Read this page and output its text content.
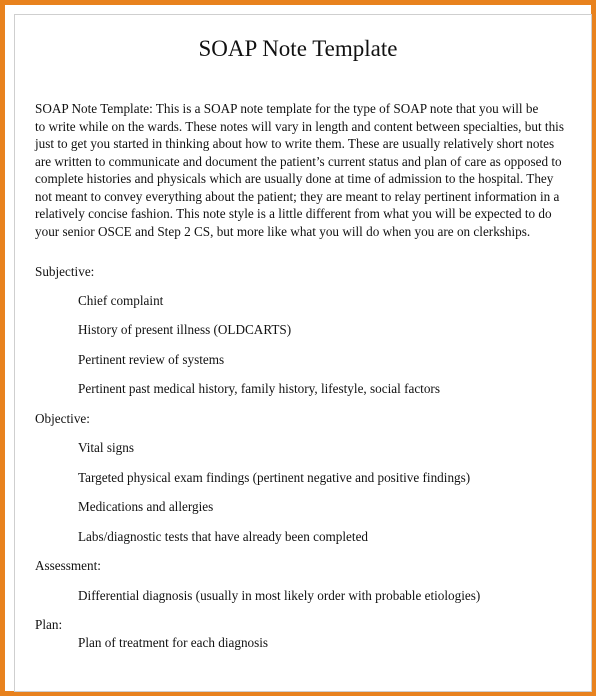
SOAP Note Template
SOAP Note Template: This is a SOAP note template for the type of SOAP note that you will be
to write while on the wards. These notes will vary in length and content between specialties, but this
just to get you started in thinking about how to write them. These are usually relatively short notes
are written to communicate and document the patient’s current status and plan of care as opposed to
complete histories and physicals which are usually done at time of admission to the hospital. They
not meant to convey everything about the patient; they are meant to relay pertinent information in a
relatively concise fashion. This note style is a little different from what you will be expected to do
your senior OSCE and Step 2 CS, but more like what you will do when you are on clerkships.
Subjective:
Chief complaint
History of present illness (OLDCARTS)
Pertinent review of systems
Pertinent past medical history, family history, lifestyle, social factors
Objective:
Vital signs
Targeted physical exam findings (pertinent negative and positive findings)
Medications and allergies
Labs/diagnostic tests that have already been completed
Assessment:
Differential diagnosis (usually in most likely order with probable etiologies)
Plan:
Plan of treatment for each diagnosis
